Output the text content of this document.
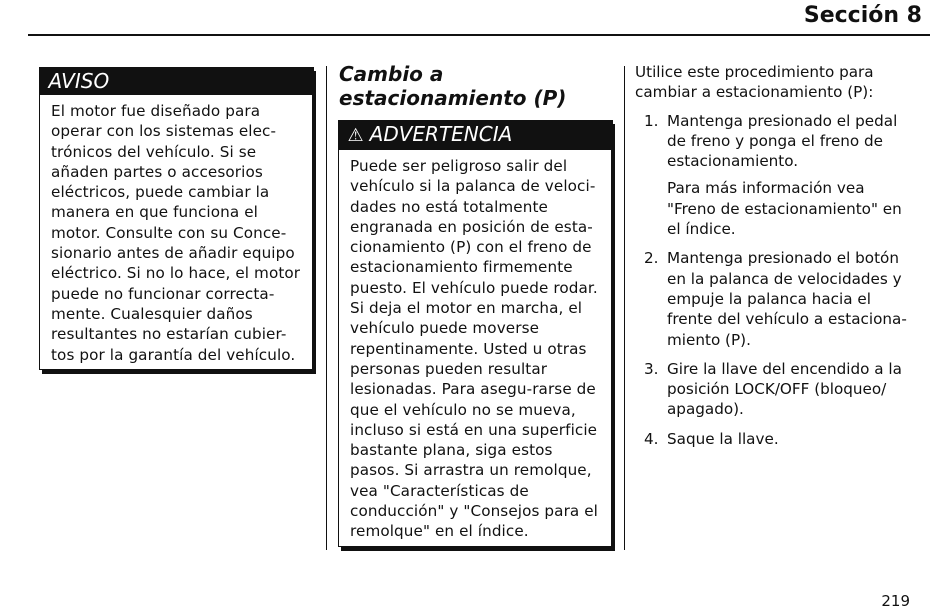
Sección 8
AVISO

El motor fue diseñado para operar con los sistemas elec-trónicos del vehículo. Si se añaden partes o accesorios eléctricos, puede cambiar la manera en que funciona el motor. Consulte con su Conce-sionario antes de añadir equipo eléctrico. Si no lo hace, el motor puede no funcionar correcta-mente. Cualesquier daños resultantes no estarían cubier-tos por la garantía del vehículo.

Cambio a estacionamiento (P)
⚠ ADVERTENCIA

Puede ser peligroso salir del vehículo si la palanca de veloci-dades no está totalmente engranada en posición de esta-cionamiento (P) con el freno de estacionamiento firmemente puesto. El vehículo puede rodar. Si deja el motor en marcha, el vehículo puede moverse repentinamente. Usted u otras personas pueden resultar lesionadas. Para asegu-rarse de que el vehículo no se mueva, incluso si está en una superficie bastante plana, siga estos pasos. Si arrastra un remolque, vea "Características de conducción" y "Consejos para el remolque" en el índice.

Utilice este procedimiento para cambiar a estacionamiento (P):

1. Mantenga presionado el pedal de freno y ponga el freno de estacionamiento.
Para más información vea "Freno de estacionamiento" en el índice.
2. Mantenga presionado el botón en la palanca de velocidades y empuje la palanca hacia el frente del vehículo a estaciona-miento (P).
3. Gire la llave del encendido a la posición LOCK/OFF (bloqueo/ apagado).
4. Saque la llave.

219
